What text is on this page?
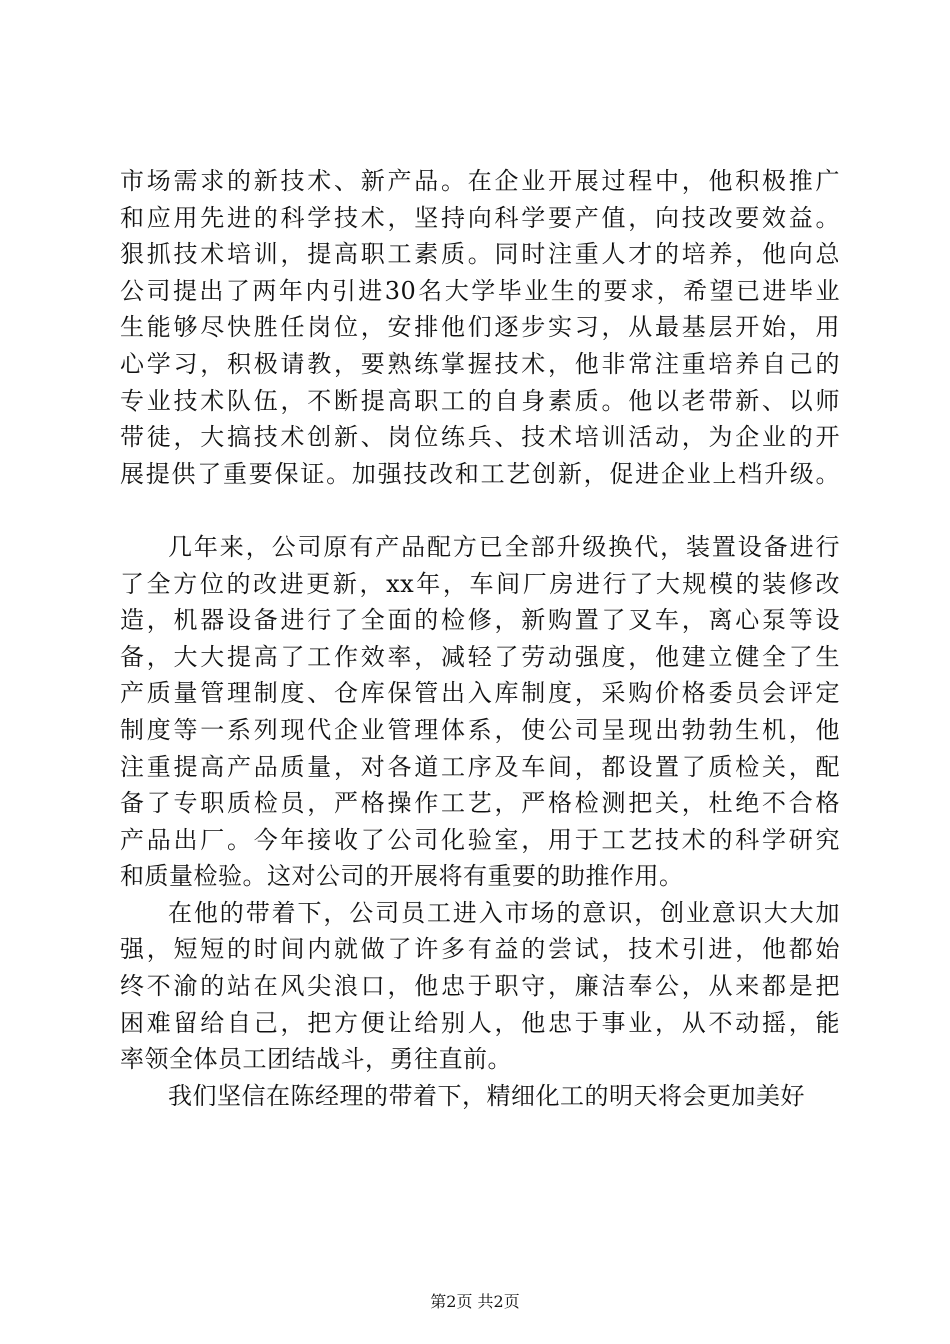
市场需求的新技术、新产品。在企业开展过程中，他积极推广
和应用先进的科学技术，坚持向科学要产值，向技改要效益。
狠抓技术培训，提高职工素质。同时注重人才的培养，他向总
公司提出了两年内引进30名大学毕业生的要求，希望已进毕业
生能够尽快胜任岗位，安排他们逐步实习，从最基层开始，用
心学习，积极请教，要熟练掌握技术，他非常注重培养自己的
专业技术队伍，不断提高职工的自身素质。他以老带新、以师
带徒，大搞技术创新、岗位练兵、技术培训活动，为企业的开
展提供了重要保证。加强技改和工艺创新，促进企业上档升级。
几年来，公司原有产品配方已全部升级换代，装置设备进行
了全方位的改进更新，xx年，车间厂房进行了大规模的装修改
造，机器设备进行了全面的检修，新购置了叉车，离心泵等设
备，大大提高了工作效率，减轻了劳动强度，他建立健全了生
产质量管理制度、仓库保管出入库制度，采购价格委员会评定
制度等一系列现代企业管理体系，使公司呈现出勃勃生机，他
注重提高产品质量，对各道工序及车间，都设置了质检关，配
备了专职质检员，严格操作工艺，严格检测把关，杜绝不合格
产品出厂。今年接收了公司化验室，用于工艺技术的科学研究
和质量检验。这对公司的开展将有重要的助推作用。
在他的带着下，公司员工进入市场的意识，创业意识大大加
强，短短的时间内就做了许多有益的尝试，技术引进，他都始
终不渝的站在风尖浪口，他忠于职守，廉洁奉公，从来都是把
困难留给自己，把方便让给别人，他忠于事业，从不动摇，能
率领全体员工团结战斗，勇往直前。
我们坚信在陈经理的带着下，精细化工的明天将会更加美好
第2页 共2页
